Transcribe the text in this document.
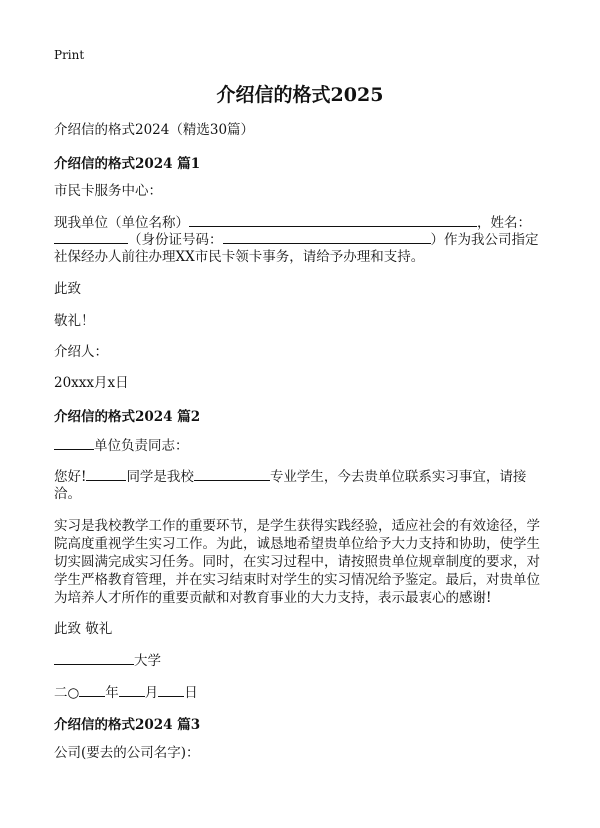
Print
介绍信的格式2025
介绍信的格式2024（精选30篇）
介绍信的格式2024 篇1
市民卡服务中心：
现我单位（单位名称）	，姓名：
（身份证号码：	）作为我公司指定
社保经办人前往办理XX市民卡领卡事务，请给予办理和支持。
此致
敬礼！
介绍人：
20xxx月x日
介绍信的格式2024 篇2
单位负责同志：
您好!	同学是我校	专业学生，今去贵单位联系实习事宜，请接
洽。
实习是我校教学工作的重要环节，是学生获得实践经验，适应社会的有效途径，学
院高度重视学生实习工作。为此，诚恳地希望贵单位给予大力支持和协助，使学生
切实圆满完成实习任务。同时，在实习过程中，请按照贵单位规章制度的要求，对
学生严格教育管理，并在实习结束时对学生的实习情况给予鉴定。最后，对贵单位
为培养人才所作的重要贡献和对教育事业的大力支持，表示最衷心的感谢!
此致 敬礼
大学
二○ 年 月 日
介绍信的格式2024 篇3
公司(要去的公司名字)：
